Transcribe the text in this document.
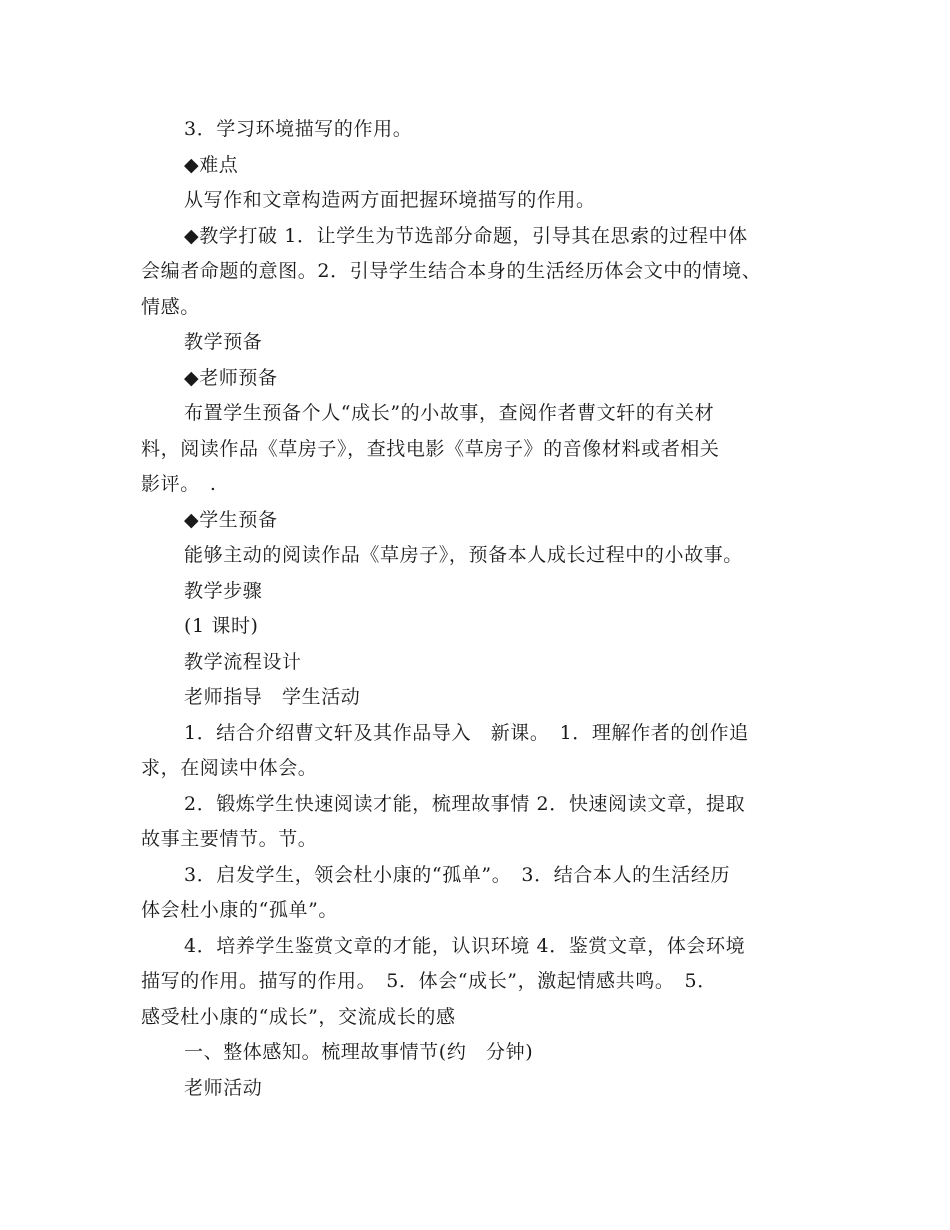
3．学习环境描写的作用。
◆难点
从写作和文章构造两方面把握环境描写的作用。
◆教学打破 1．让学生为节选部分命题，引导其在思索的过程中体
会编者命题的意图。2．引导学生结合本身的生活经历体会文中的情境、
情感。
教学预备
◆老师预备
布置学生预备个人“成长”的小故事，查阅作者曹文轩的有关材
料，阅读作品《草房子》，查找电影《草房子》的音像材料或者相关
影评。　.
◆学生预备
能够主动的阅读作品《草房子》，预备本人成长过程中的小故事。
教学步骤
(1 课时)
教学流程设计
老师指导　学生活动
1．结合介绍曹文轩及其作品导入　新课。　1．理解作者的创作追
求，在阅读中体会。
2．锻炼学生快速阅读才能，梳理故事情 2．快速阅读文章，提取
故事主要情节。节。
3．启发学生，领会杜小康的“孤单”。　3．结合本人的生活经历
体会杜小康的“孤单”。
4．培养学生鉴赏文章的才能，认识环境 4．鉴赏文章，体会环境
描写的作用。描写的作用。　5．体会“成长”，激起情感共鸣。　5．
感受杜小康的“成长”，交流成长的感
一、整体感知。梳理故事情节(约　分钟)
老师活动
